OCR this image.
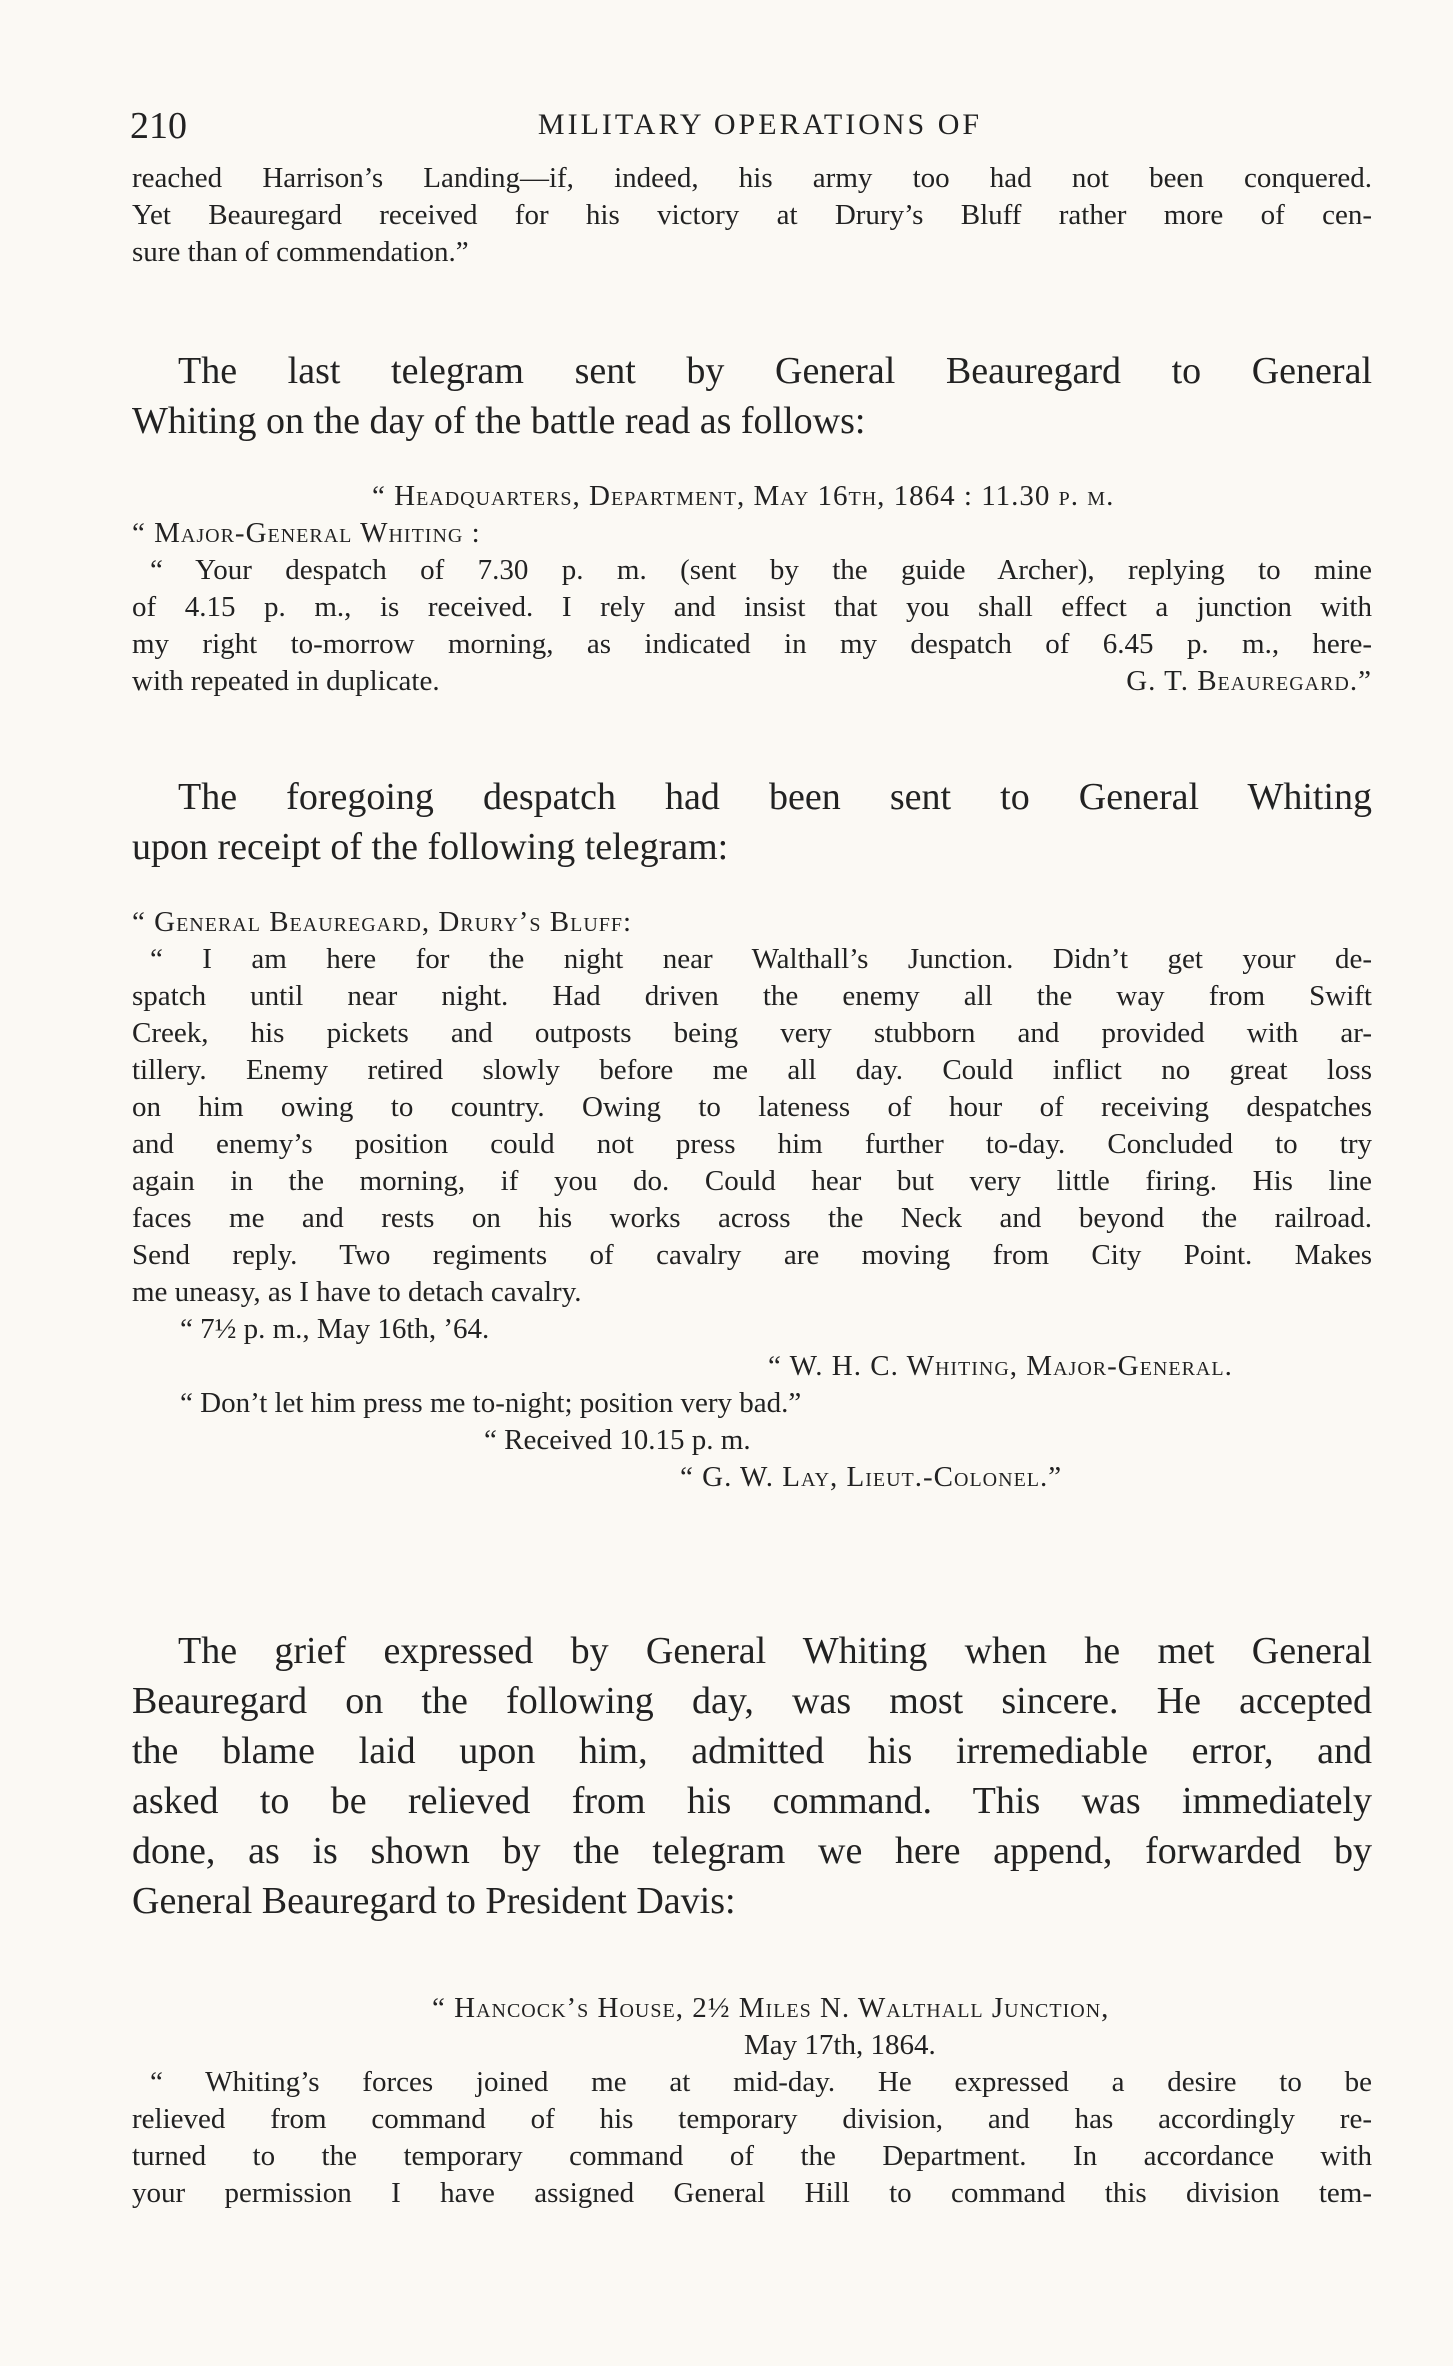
210	MILITARY OPERATIONS OF
reached Harrison’s Landing—if, indeed, his army too had not been conquered.
Yet Beauregard received for his victory at Drury’s Bluff rather more of cen-
sure than of commendation.”
The last telegram sent by General Beauregard to General
Whiting on the day of the battle read as follows:
“ Headquarters, Department, May 16th, 1864 : 11.30 p. m.
“ Major-General Whiting :
“ Your despatch of 7.30 p. m. (sent by the guide Archer), replying to mine
of 4.15 p. m., is received. I rely and insist that you shall effect a junction with
my right to-morrow morning, as indicated in my despatch of 6.45 p. m., here-
with repeated in duplicate.	G. T. Beauregard.”
The foregoing despatch had been sent to General Whiting
upon receipt of the following telegram:
“ General Beauregard, Drury’s Bluff:
“ I am here for the night near Walthall’s Junction. Didn’t get your de-
spatch until near night. Had driven the enemy all the way from Swift
Creek, his pickets and outposts being very stubborn and provided with ar-
tillery. Enemy retired slowly before me all day. Could inflict no great loss
on him owing to country. Owing to lateness of hour of receiving despatches
and enemy’s position could not press him further to-day. Concluded to try
again in the morning, if you do. Could hear but very little firing. His line
faces me and rests on his works across the Neck and beyond the railroad.
Send reply. Two regiments of cavalry are moving from City Point. Makes
me uneasy, as I have to detach cavalry.
“ 7½ p. m., May 16th, ’64.
“ W. H. C. Whiting, Major-General.
“ Don’t let him press me to-night; position very bad.”
“ Received 10.15 p. m.
“ G. W. Lay, Lieut.-Colonel.”
The grief expressed by General Whiting when he met General
Beauregard on the following day, was most sincere. He accepted
the blame laid upon him, admitted his irremediable error, and
asked to be relieved from his command. This was immediately
done, as is shown by the telegram we here append, forwarded by
General Beauregard to President Davis:
“ Hancock’s House, 2½ Miles N. Walthall Junction,
May 17th, 1864.
“ Whiting’s forces joined me at mid-day. He expressed a desire to be
relieved from command of his temporary division, and has accordingly re-
turned to the temporary command of the Department. In accordance with
your permission I have assigned General Hill to command this division tem-
